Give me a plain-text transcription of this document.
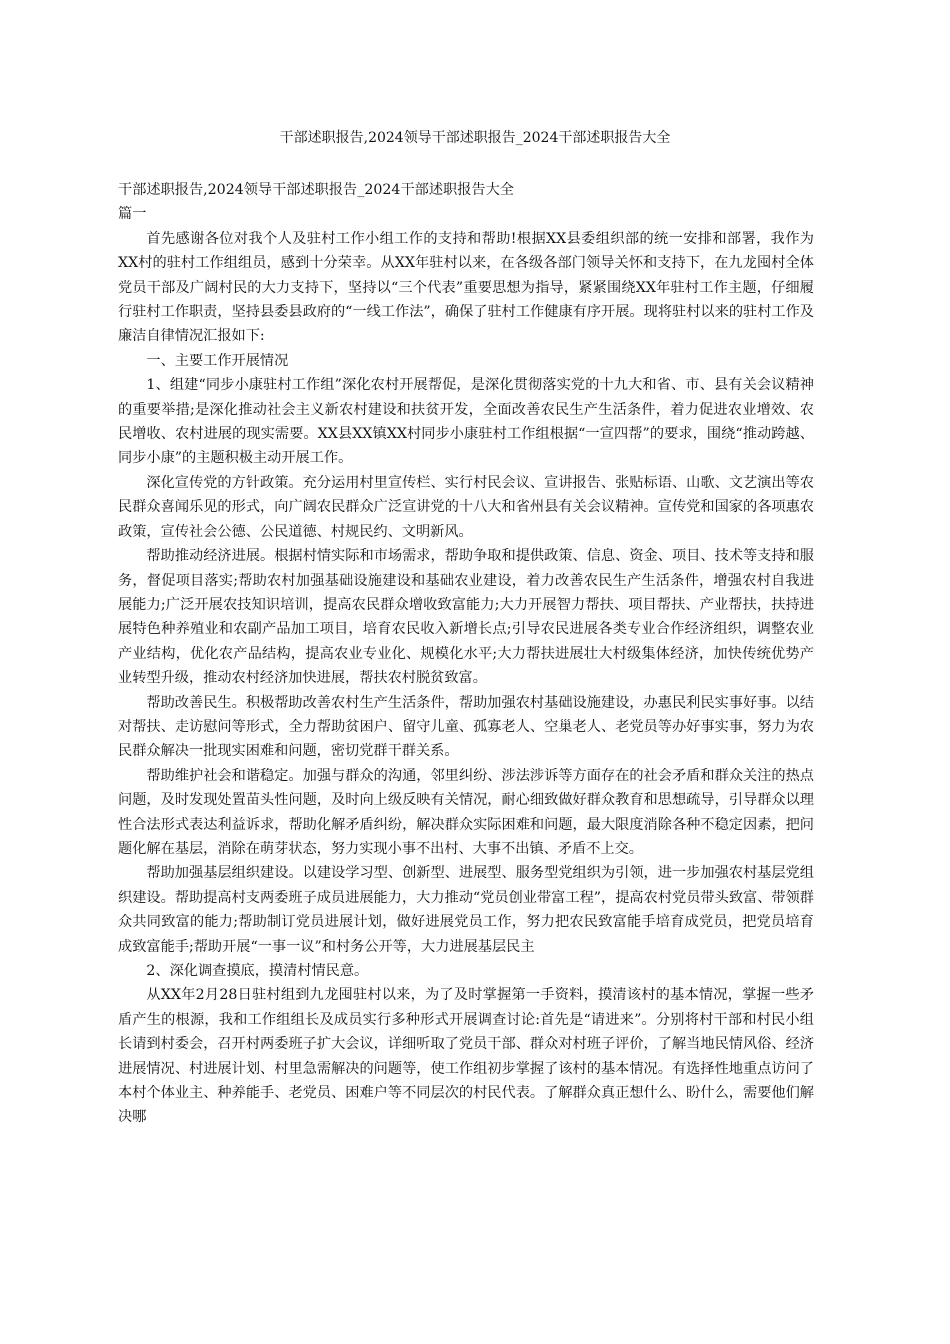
干部述职报告,2024领导干部述职报告_2024干部述职报告大全

干部述职报告,2024领导干部述职报告_2024干部述职报告大全

篇一

首先感谢各位对我个人及驻村工作小组工作的支持和帮助!根据XX县委组织部的统一安排和部署，我作为XX村的驻村工作组组员，感到十分荣幸。从XX年驻村以来，在各级各部门领导关怀和支持下，在九龙囤村全体党员干部及广阔村民的大力支持下，坚持以“三个代表”重要思想为指导，紧紧围绕XX年驻村工作主题，仔细履行驻村工作职责，坚持县委县政府的“一线工作法”，确保了驻村工作健康有序开展。现将驻村以来的驻村工作及廉洁自律情况汇报如下:

一、主要工作开展情况

1、组建“同步小康驻村工作组”深化农村开展帮促，是深化贯彻落实党的十九大和省、市、县有关会议精神的重要举措;是深化推动社会主义新农村建设和扶贫开发，全面改善农民生产生活条件，着力促进农业增效、农民增收、农村进展的现实需要。XX县XX镇XX村同步小康驻村工作组根据“一宣四帮”的要求，围绕“推动跨越、同步小康”的主题积极主动开展工作。

深化宣传党的方针政策。充分运用村里宣传栏、实行村民会议、宣讲报告、张贴标语、山歌、文艺演出等农民群众喜闻乐见的形式，向广阔农民群众广泛宣讲党的十八大和省州县有关会议精神。宣传党和国家的各项惠农政策，宣传社会公德、公民道德、村规民约、文明新风。

帮助推动经济进展。根据村情实际和市场需求，帮助争取和提供政策、信息、资金、项目、技术等支持和服务，督促项目落实;帮助农村加强基础设施建设和基础农业建设，着力改善农民生产生活条件，增强农村自我进展能力;广泛开展农技知识培训，提高农民群众增收致富能力;大力开展智力帮扶、项目帮扶、产业帮扶，扶持进展特色种养殖业和农副产品加工项目，培育农民收入新增长点;引导农民进展各类专业合作经济组织，调整农业产业结构，优化农产品结构，提高农业专业化、规模化水平;大力帮扶进展壮大村级集体经济，加快传统优势产业转型升级，推动农村经济加快进展，帮扶农村脱贫致富。

帮助改善民生。积极帮助改善农村生产生活条件，帮助加强农村基础设施建设，办惠民利民实事好事。以结对帮扶、走访慰问等形式，全力帮助贫困户、留守儿童、孤寡老人、空巢老人、老党员等办好事实事，努力为农民群众解决一批现实困难和问题，密切党群干群关系。

帮助维护社会和谐稳定。加强与群众的沟通，邻里纠纷、涉法涉诉等方面存在的社会矛盾和群众关注的热点问题，及时发现处置苗头性问题，及时向上级反映有关情况，耐心细致做好群众教育和思想疏导，引导群众以理性合法形式表达利益诉求，帮助化解矛盾纠纷，解决群众实际困难和问题，最大限度消除各种不稳定因素，把问题化解在基层，消除在萌芽状态，努力实现小事不出村、大事不出镇、矛盾不上交。

帮助加强基层组织建设。以建设学习型、创新型、进展型、服务型党组织为引领，进一步加强农村基层党组织建设。帮助提高村支两委班子成员进展能力，大力推动“党员创业带富工程”，提高农村党员带头致富、带领群众共同致富的能力;帮助制订党员进展计划，做好进展党员工作，努力把农民致富能手培育成党员，把党员培育成致富能手;帮助开展“一事一议”和村务公开等，大力进展基层民主

2、深化调查摸底，摸清村情民意。

从XX年2月28日驻村组到九龙囤驻村以来，为了及时掌握第一手资料，摸清该村的基本情况，掌握一些矛盾产生的根源，我和工作组组长及成员实行多种形式开展调查讨论:首先是“请进来”。分别将村干部和村民小组长请到村委会，召开村两委班子扩大会议，详细听取了党员干部、群众对村班子评价，了解当地民情风俗、经济进展情况、村进展计划、村里急需解决的问题等，使工作组初步掌握了该村的基本情况。有选择性地重点访问了本村个体业主、种养能手、老党员、困难户等不同层次的村民代表。了解群众真正想什么、盼什么，需要他们解决哪
